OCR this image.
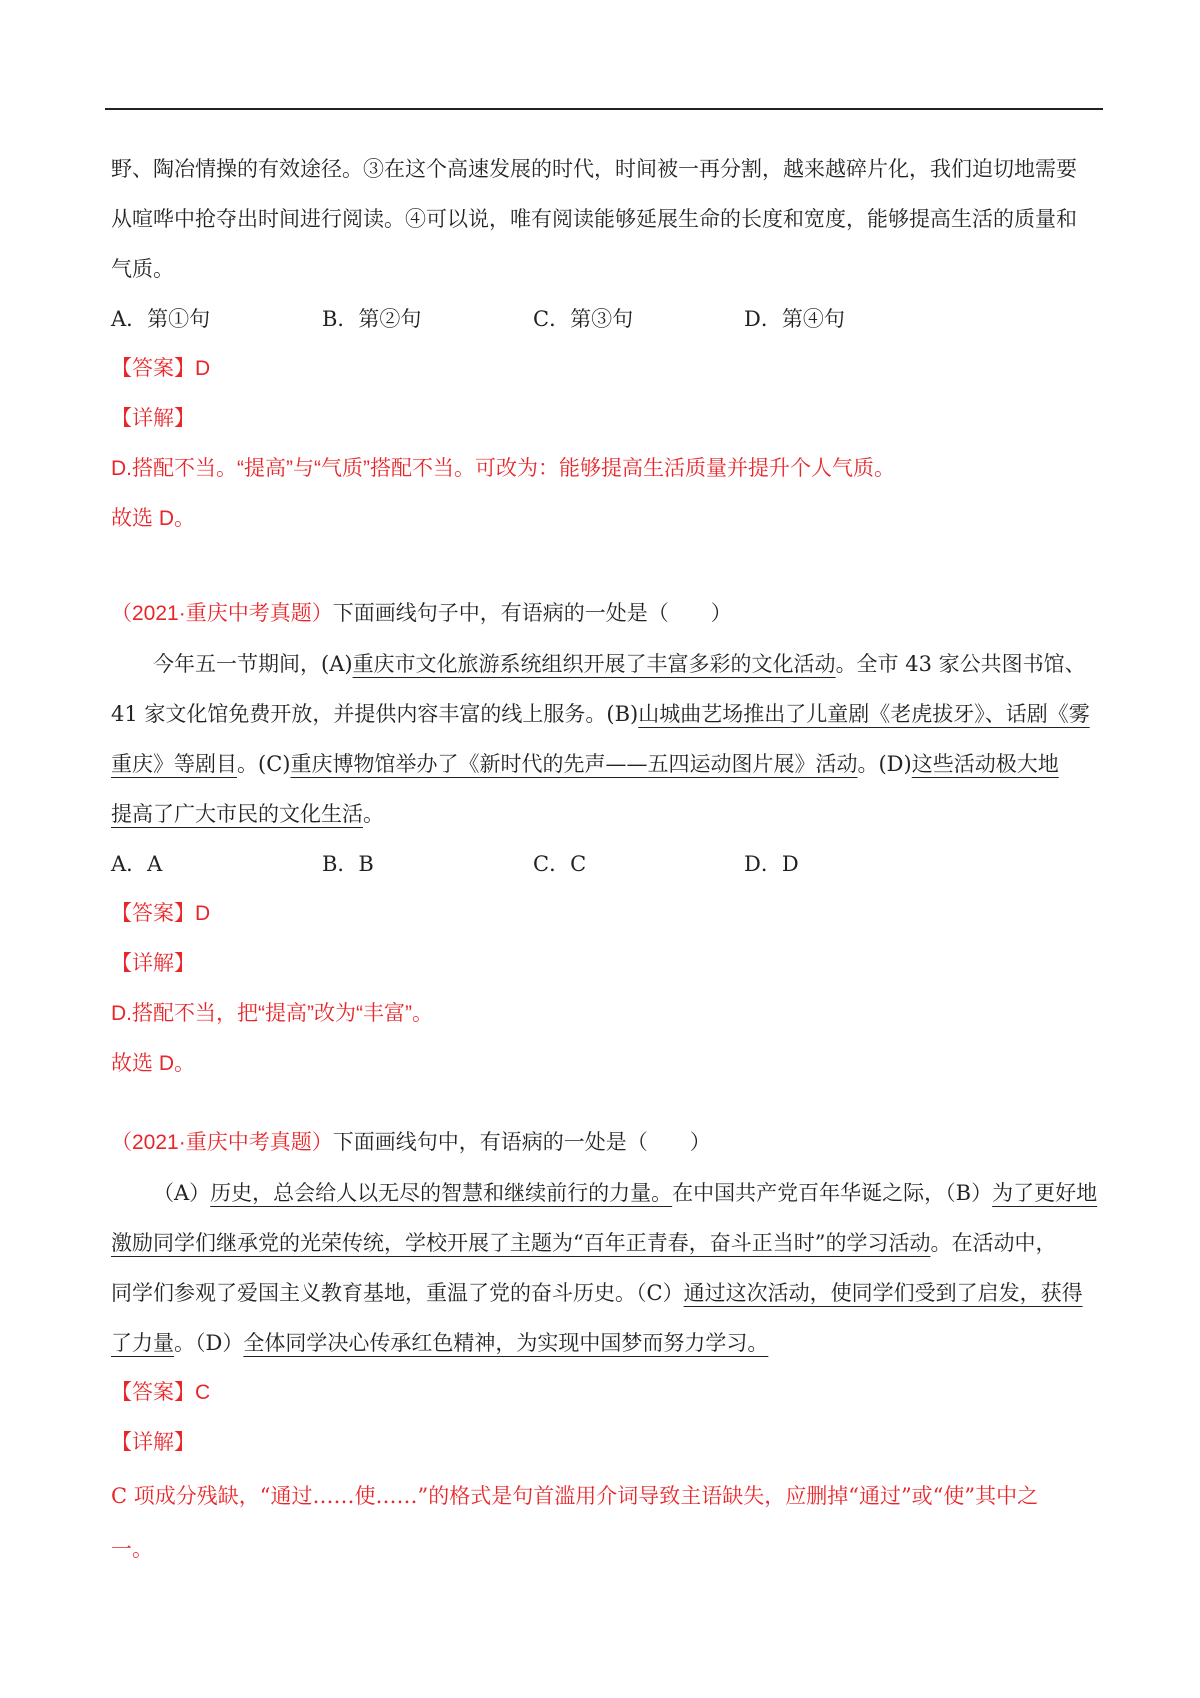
野、陶冶情操的有效途径。③在这个高速发展的时代，时间被一再分割，越来越碎片化，我们迫切地需要

从喧哗中抢夺出时间进行阅读。④可以说，唯有阅读能够延展生命的长度和宽度，能够提高生活的质量和

气质。

A．第①句	B．第②句	C．第③句	D．第④句
【答案】D
【详解】
D.搭配不当。“提高”与“气质”搭配不当。可改为：能够提高生活质量并提升个人气质。
故选 D。

（2021·重庆中考真题）下面画线句子中，有语病的一处是（　　）

今年五一节期间，(A)重庆市文化旅游系统组织开展了丰富多彩的文化活动。全市 43 家公共图书馆、

41 家文化馆免费开放，并提供内容丰富的线上服务。(B)山城曲艺场推出了儿童剧《老虎拔牙》、话剧《雾

重庆》等剧目。(C)重庆博物馆举办了《新时代的先声——五四运动图片展》活动。(D)这些活动极大地

提高了广大市民的文化生活。

A．A	B．B	C．C	D．D
【答案】D
【详解】
D.搭配不当，把“提高”改为“丰富”。
故选 D。

（2021·重庆中考真题）下面画线句中，有语病的一处是（　　）

（A）历史，总会给人以无尽的智慧和继续前行的力量。在中国共产党百年华诞之际，（B）为了更好地

激励同学们继承党的光荣传统，学校开展了主题为“百年正青春，奋斗正当时”的学习活动。在活动中，

同学们参观了爱国主义教育基地，重温了党的奋斗历史。（C）通过这次活动，使同学们受到了启发，获得

了力量。（D）全体同学决心传承红色精神，为实现中国梦而努力学习。

【答案】C
【详解】
C 项成分残缺，“通过……使……”的格式是句首滥用介词导致主语缺失，应删掉“通过”或“使”其中之
一。
